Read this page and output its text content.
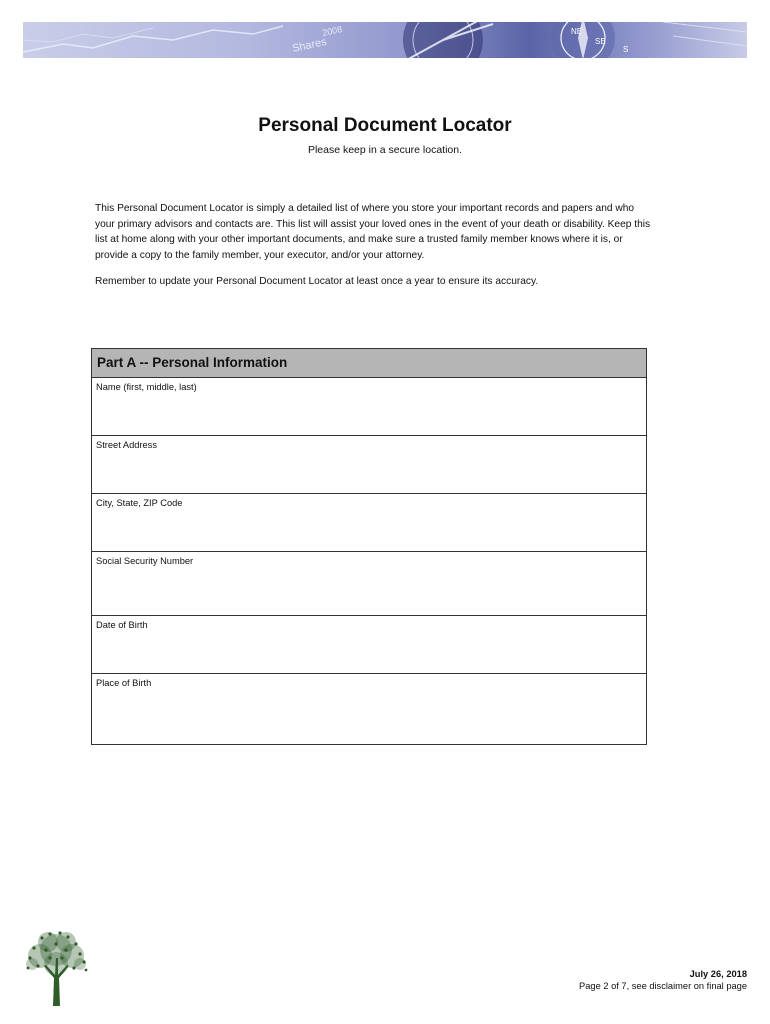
Shares
2008	NE
SE
S
Personal Document Locator
Please keep in a secure location.

This Personal Document Locator is simply a detailed list of where you store your important records and papers and who your primary advisors and contacts are. This list will assist your loved ones in the event of your death or disability. Keep this list at home along with your other important documents, and make sure a trusted family member knows where it is, or provide a copy to the family member, your executor, and/or your attorney.

Remember to update your Personal Document Locator at least once a year to ensure its accuracy.

Part A -- Personal Information
Name (first, middle, last)
Street Address
City, State, ZIP Code
Social Security Number
Date of Birth
Place of Birth
July 26, 2018
Page 2 of 7, see disclaimer on final page
